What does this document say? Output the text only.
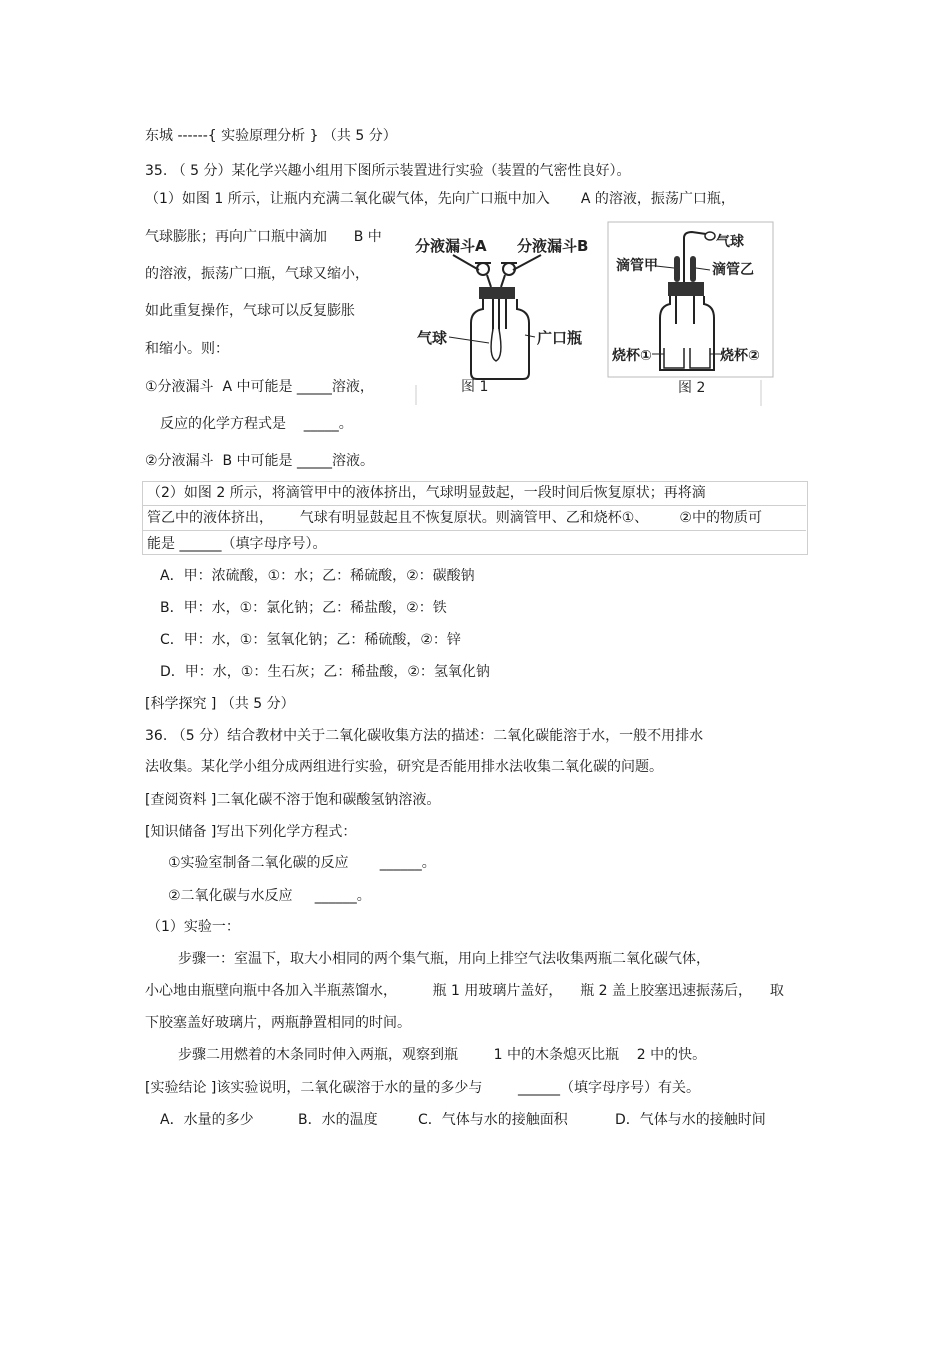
东城 ------{ 实验原理分析 } （共 5 分）
35. （ 5 分）某化学兴趣小组用下图所示装置进行实验（装置的气密性良好）。
（1）如图 1 所示，让瓶内充满二氧化碳气体，先向广口瓶中加入       A 的溶液，振荡广口瓶，
气球膨胀；再向广口瓶中滴加      B 中
的溶液，振荡广口瓶，气球又缩小，
如此重复操作，气球可以反复膨胀
和缩小。则：
①分液漏斗  A 中可能是 _____溶液，
反应的化学方程式是    _____。
②分液漏斗  B 中可能是 _____溶液。
分液漏斗A 分液漏斗B
气球	广口瓶
图 1
气球
滴管甲	滴管乙
烧杯①	烧杯②
图 2
（2）如图 2 所示，将滴管甲中的液体挤出，气球明显鼓起，一段时间后恢复原状；再将滴
管乙中的液体挤出，      气球有明显鼓起且不恢复原状。则滴管甲、乙和烧杯①、       ②中的物质可
能是 ______（填字母序号）。
A．甲：浓硫酸，①：水；乙：稀硫酸，②：碳酸钠
B．甲：水，①：氯化钠；乙：稀盐酸，②：铁
C．甲：水，①：氢氧化钠；乙：稀硫酸，②：锌
D．甲：水，①：生石灰；乙：稀盐酸，②：氢氧化钠
[科学探究 ] （共 5 分）
36. （5 分）结合教材中关于二氧化碳收集方法的描述：二氧化碳能溶于水，一般不用排水
法收集。某化学小组分成两组进行实验，研究是否能用排水法收集二氧化碳的问题。
[查阅资料 ]二氧化碳不溶于饱和碳酸氢钠溶液。
[知识储备 ]写出下列化学方程式：
①实验室制备二氧化碳的反应       ______。
②二氧化碳与水反应     ______。
（1）实验一：
步骤一：室温下，取大小相同的两个集气瓶，用向上排空气法收集两瓶二氧化碳气体，
小心地由瓶壁向瓶中各加入半瓶蒸馏水，        瓶 1 用玻璃片盖好，    瓶 2 盖上胶塞迅速振荡后，    取
下胶塞盖好玻璃片，两瓶静置相同的时间。
步骤二用燃着的木条同时伸入两瓶，观察到瓶        1 中的木条熄灭比瓶    2 中的快。
[实验结论 ]该实验说明，二氧化碳溶于水的量的多少与        ______（填字母序号）有关。
A．水量的多少	B．水的温度	C．气体与水的接触面积	D．气体与水的接触时间
